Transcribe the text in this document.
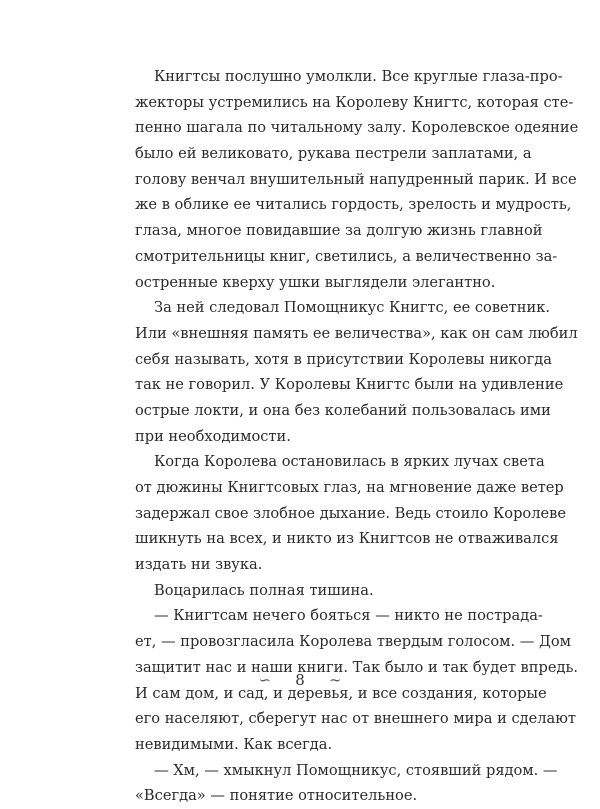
Книгтсы послушно умолкли. Все круглые глаза-про-
жекторы устремились на Королеву Книгтс, которая сте-
пенно шагала по читальному залу. Королевское одеяние
было ей великовато, рукава пестрели заплатами, а
голову венчал внушительный напудренный парик. И все
же в облике ее читались гордость, зрелость и мудрость,
глаза, многое повидавшие за долгую жизнь главной
смотрительницы книг, светились, а величественно за-
остренные кверху ушки выглядели элегантно.
За ней следовал Помощникус Книгтс, ее советник.
Или «внешняя память ее величества», как он сам любил
себя называть, хотя в присутствии Королевы никогда
так не говорил. У Королевы Книгтс были на удивление
острые локти, и она без колебаний пользовалась ими
при необходимости.
Когда Королева остановилась в ярких лучах света
от дюжины Книгтсовых глаз, на мгновение даже ветер
задержал свое злобное дыхание. Ведь стоило Королеве
шикнуть на всех, и никто из Книгтсов не отваживался
издать ни звука.
Воцарилась полная тишина.
— Книгтсам нечего бояться — никто не пострада-
ет, — провозгласила Королева твердым голосом. — Дом
защитит нас и наши книги. Так было и так будет впредь.
И сам дом, и сад, и деревья, и все создания, которые
его населяют, сберегут нас от внешнего мира и сделают
невидимыми. Как всегда.
— Хм, — хмыкнул Помощникус, стоявший рядом. —
«Всегда» — понятие относительное.
∽ 8 ∼
